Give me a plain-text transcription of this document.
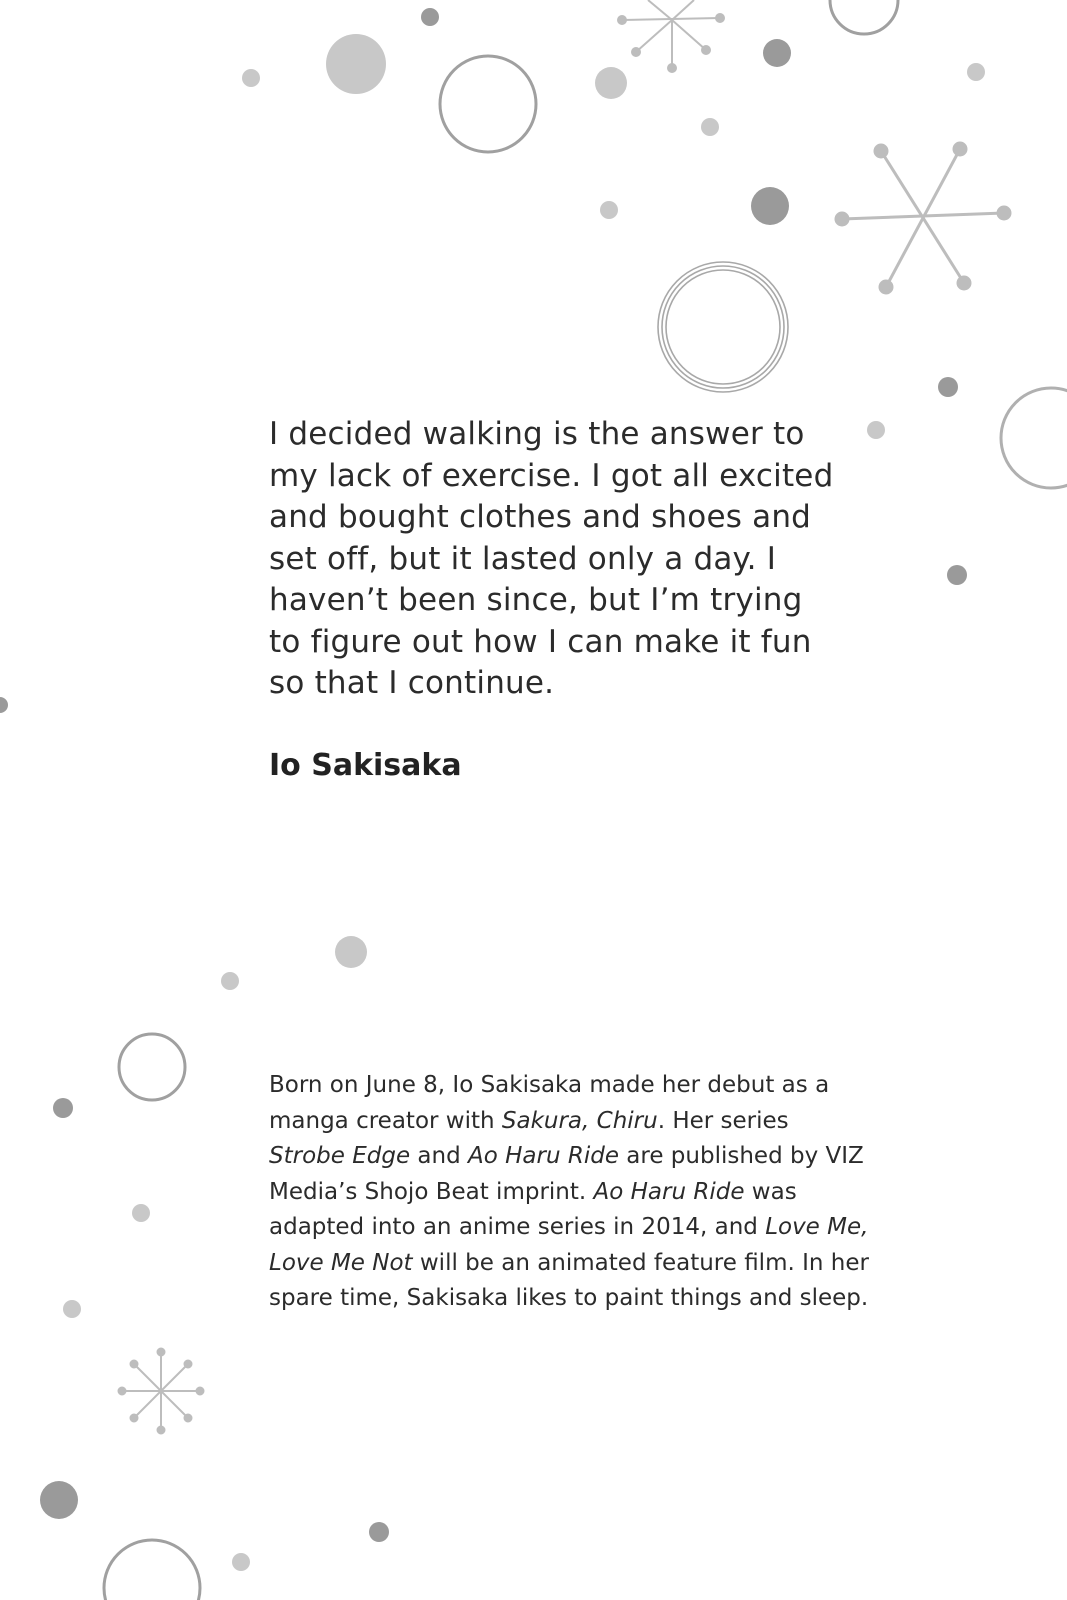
I decided walking is the answer to
my lack of exercise. I got all excited
and bought clothes and shoes and
set off, but it lasted only a day. I
haven’t been since, but I’m trying
to figure out how I can make it fun
so that I continue.
Io Sakisaka

Born on June 8, Io Sakisaka made her debut as a manga creator with Sakura, Chiru. Her series Strobe Edge and Ao Haru Ride are published by VIZ Media’s Shojo Beat imprint. Ao Haru Ride was adapted into an anime series in 2014, and Love Me, Love Me Not will be an animated feature film. In her spare time, Sakisaka likes to paint things and sleep.
